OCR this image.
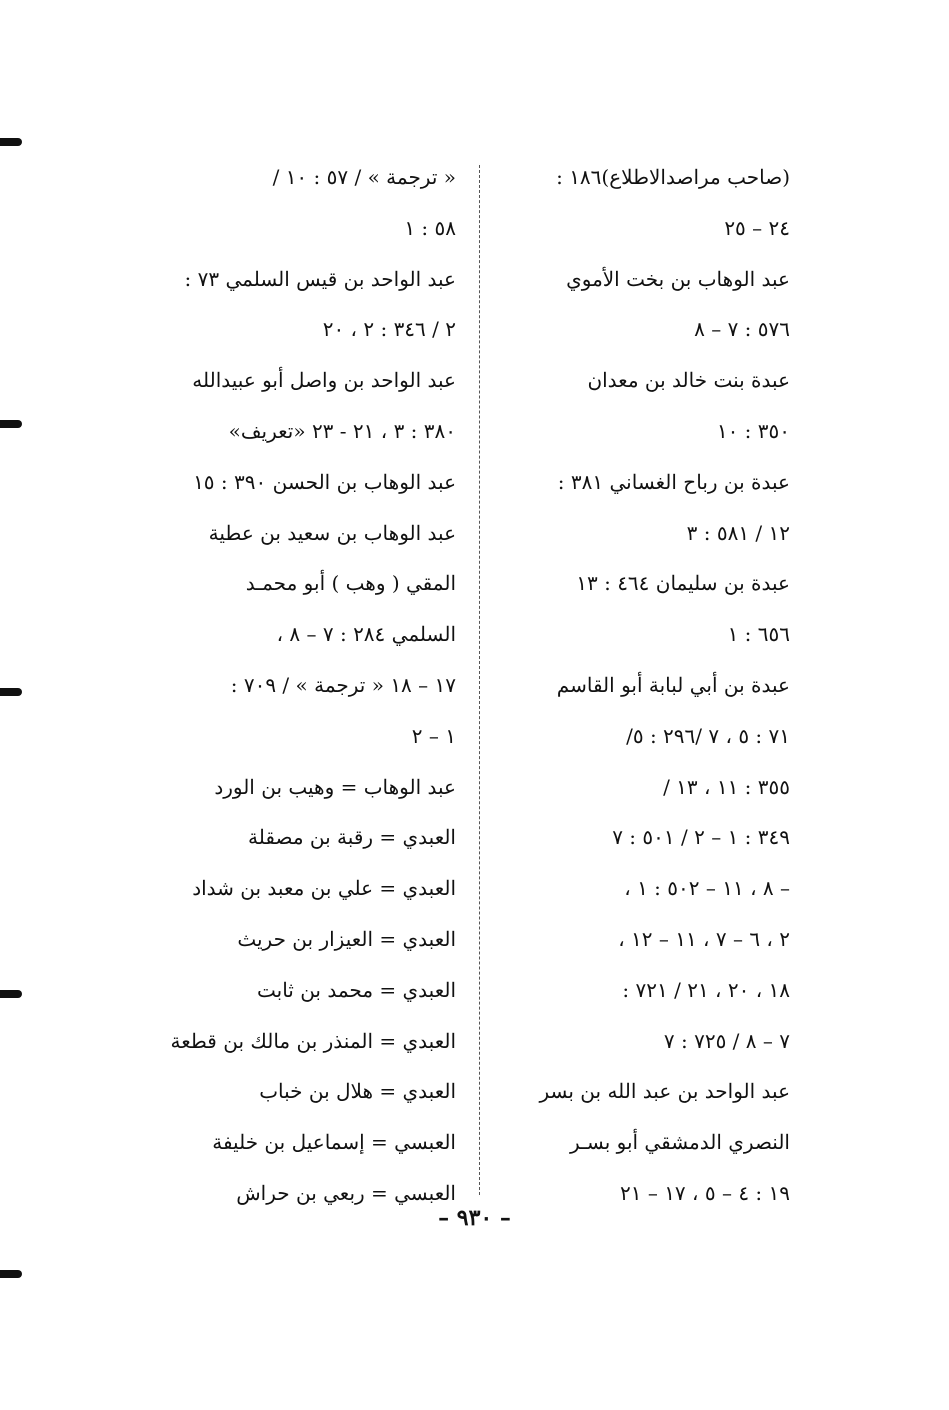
(صاحب مراصدالاطلاع)١٨٦ :
٢٤ – ٢٥
عبد الوهاب بن بخت الأموي
٥٧٦ : ٧ – ٨
عبدة بنت خالد بن معدان
٣٥٠ : ١٠
عبدة بن رباح الغساني ٣٨١ :
١٢ / ٥٨١ : ٣
عبدة بن سليمان ٤٦٤ : ١٣
٦٥٦ : ١
عبدة بن أبي لبابة أبو القاسم
٧١ : ٥ ، ٧ /٢٩٦ : ٥/
٣٥٥ : ١١ ، ١٣ /
٣٤٩ : ١ – ٢ / ٥٠١ : ٧
– ٨ ، ١١ – ٥٠٢ : ١ ،
٢ ، ٦ – ٧ ، ١١ – ١٢ ،
١٨ ، ٢٠ ، ٢١ / ٧٢١ :
٧ – ٨ / ٧٢٥ : ٧
عبد الواحد بن عبد الله بن بسر
النصري الدمشقي أبو بسـر
١٩ : ٤ – ٥ ، ١٧ – ٢١
« ترجمة » / ٥٧ : ١٠ /
٥٨ : ١
عبد الواحد بن قيس السلمي ٧٣ :
٢ / ٣٤٦ : ٢ ، ٢٠
عبد الواحد بن واصل أبو عبيدالله
٣٨٠ : ٣ ، ٢١ - ٢٣ «تعريف»
عبد الوهاب بن الحسن ٣٩٠ : ١٥
عبد الوهاب بن سعيد بن عطية
المقي ( وهب ) أبو محمـد
السلمي ٢٨٤ : ٧ – ٨ ،
١٧ – ١٨ « ترجمة » / ٧٠٩ :
١ – ٢
عبد الوهاب = وهيب بن الورد
العبدي = رقبة بن مصقلة
العبدي = علي بن معبد بن شداد
العبدي = العيزار بن حريث
العبدي = محمد بن ثابت
العبدي = المنذر بن مالك بن قطعة
العبدي = هلال بن خباب
العبسي = إسماعيل بن خليفة
العبسي = ربعي بن حراش
– ٩٣٠ –
